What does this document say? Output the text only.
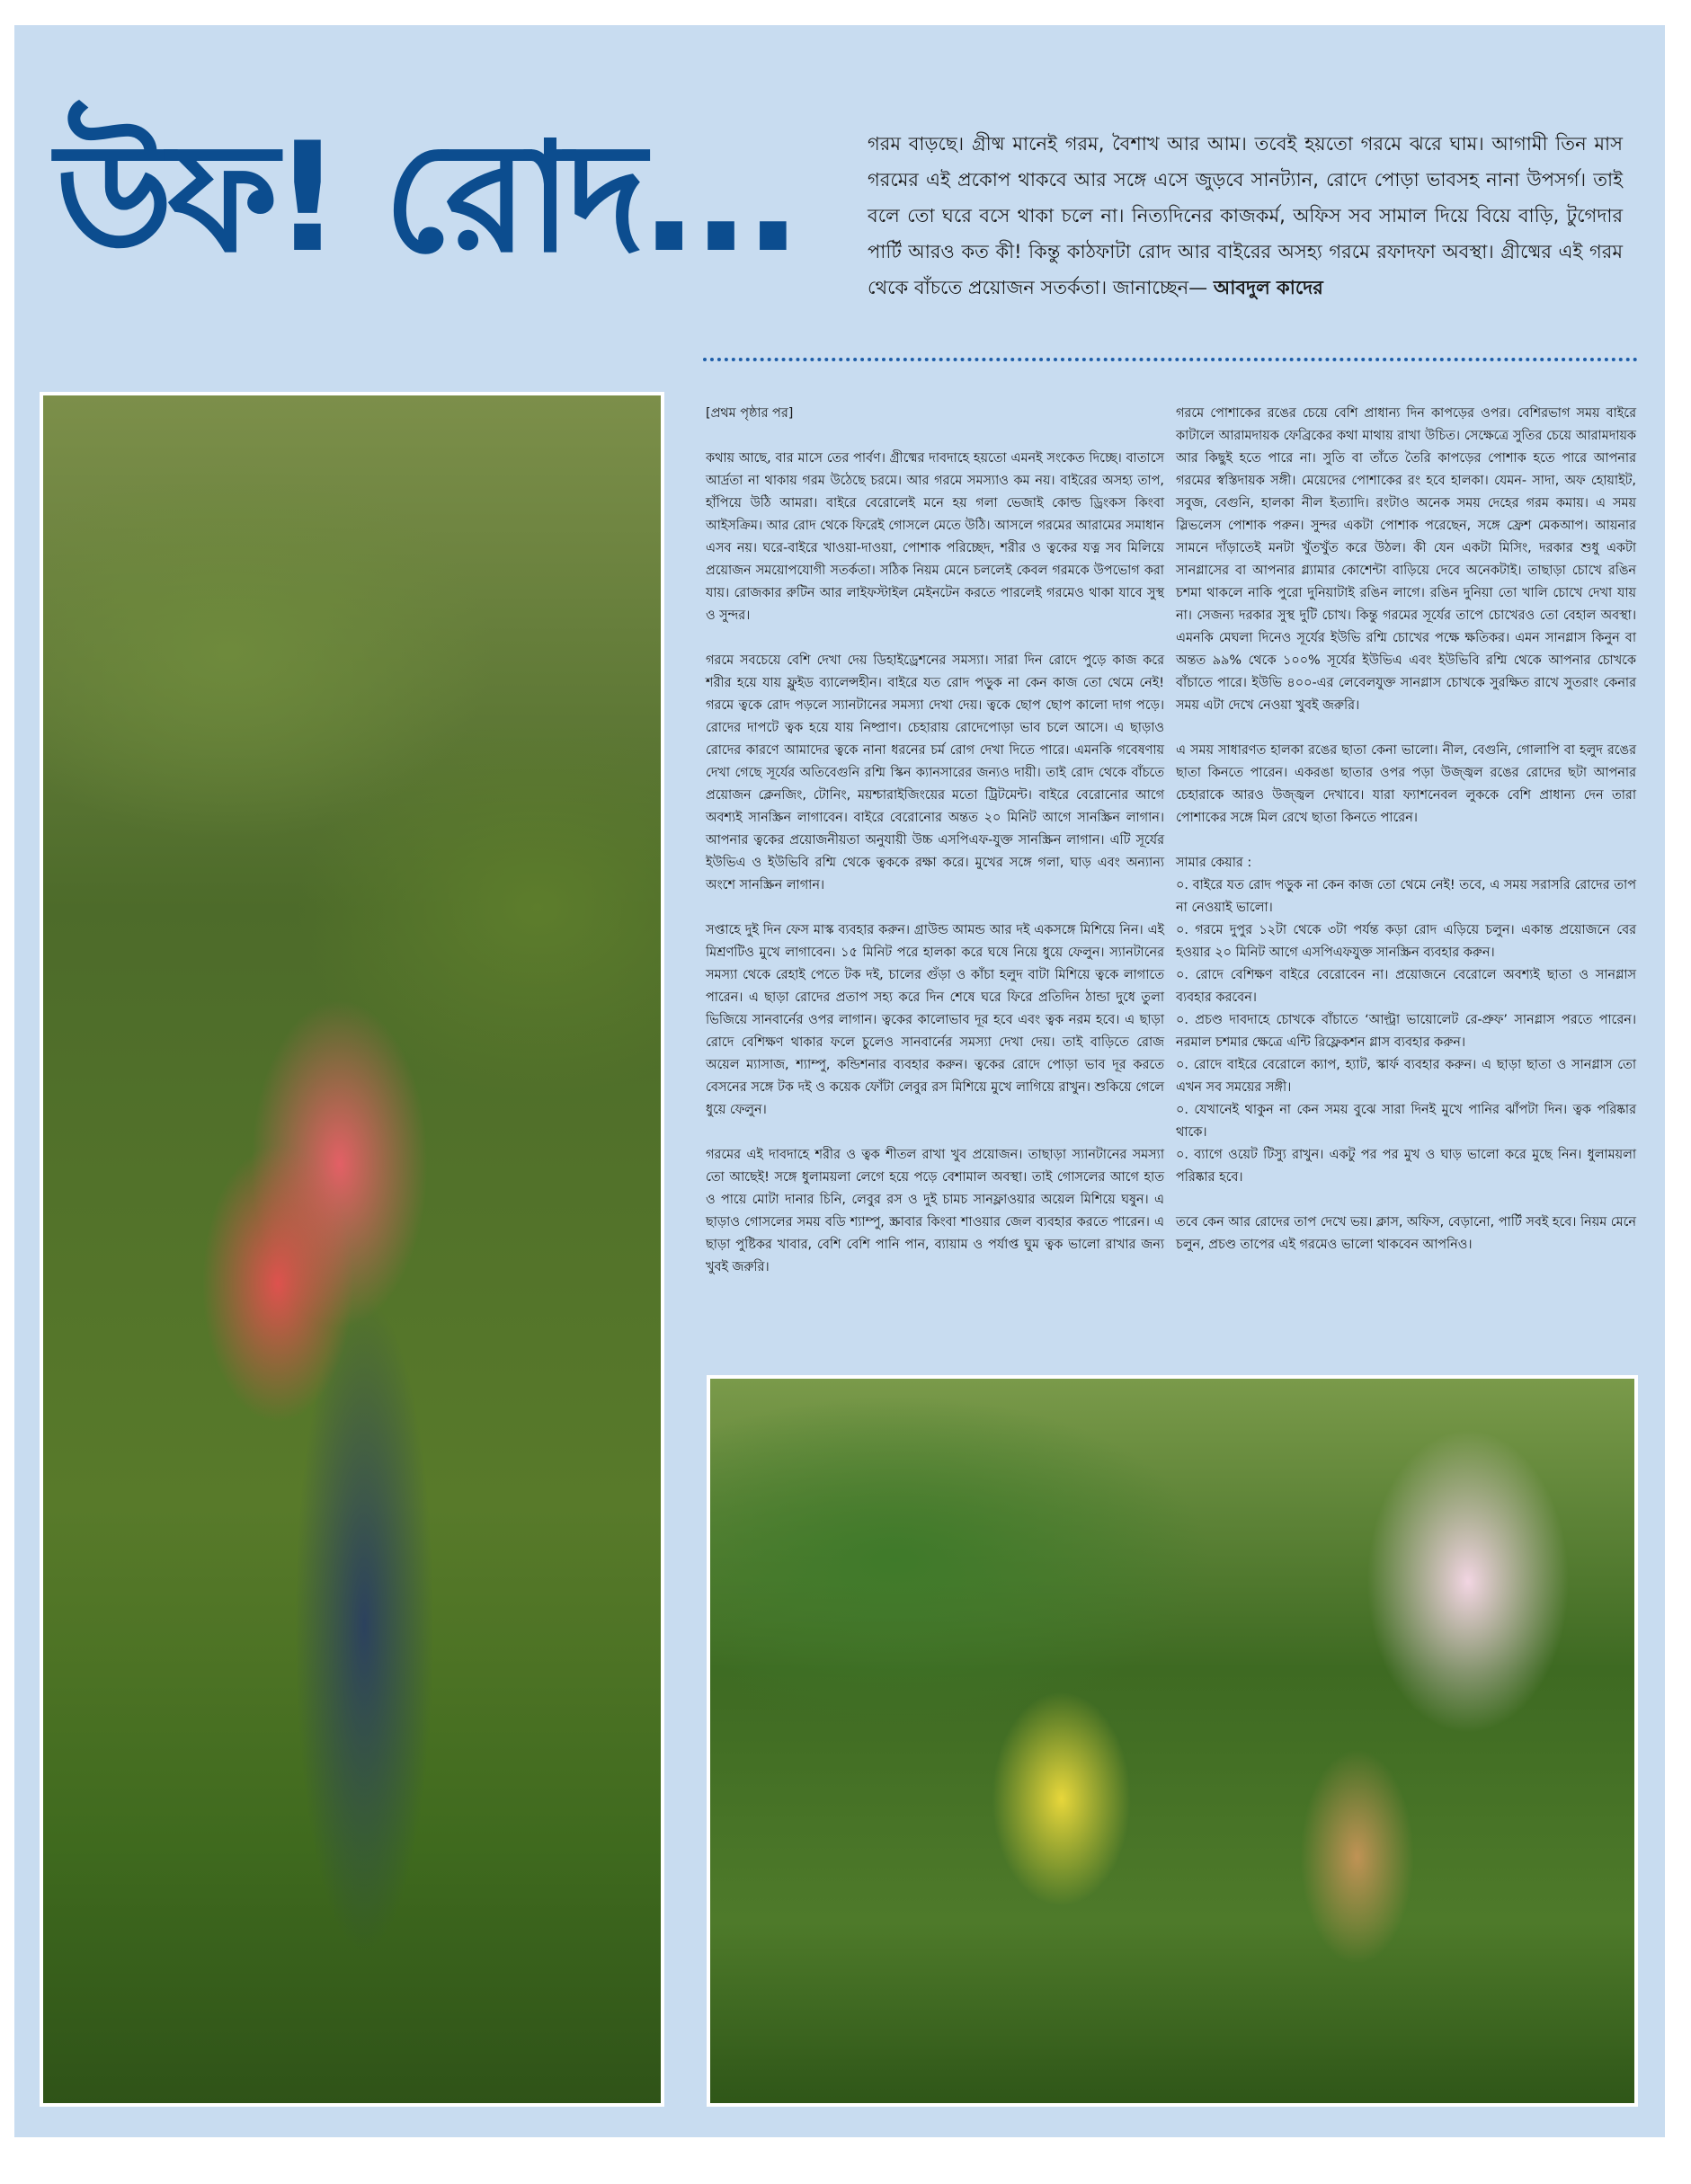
উফ! রোদ...	গরম বাড়ছে। গ্রীষ্ম মানেই গরম, বৈশাখ আর আম। তবেই হয়তো গরমে ঝরে ঘাম। আগামী তিন মাস গরমের এই প্রকোপ থাকবে আর সঙ্গে এসে জুড়বে সানট্যান, রোদে পোড়া ভাবসহ নানা উপসর্গ। তাই বলে তো ঘরে বসে থাকা চলে না। নিত্যদিনের কাজকর্ম, অফিস সব সামাল দিয়ে বিয়ে বাড়ি, টুগেদার পার্টি আরও কত কী! কিন্তু কাঠফাটা রোদ আর বাইরের অসহ্য গরমে রফাদফা অবস্থা। গ্রীষ্মের এই গরম থেকে বাঁচতে প্রয়োজন সতর্কতা। জানাচ্ছেন— আবদুল কাদের

[প্রথম পৃষ্ঠার পর]

কথায় আছে, বার মাসে তের পার্বণ। গ্রীষ্মের দাবদাহে হয়তো এমনই সংকেত দিচ্ছে। বাতাসে আর্দ্রতা না থাকায় গরম উঠেছে চরমে। আর গরমে সমস্যাও কম নয়। বাইরের অসহ্য তাপ, হাঁপিয়ে উঠি আমরা। বাইরে বেরোলেই মনে হয় গলা ভেজাই কোল্ড ড্রিংকস কিংবা আইসক্রিম। আর রোদ থেকে ফিরেই গোসলে মেতে উঠি। আসলে গরমের আরামের সমাধান এসব নয়। ঘরে-বাইরে খাওয়া-দাওয়া, পোশাক পরিচ্ছেদ, শরীর ও ত্বকের যত্ন সব মিলিয়ে প্রয়োজন সময়োপযোগী সতর্কতা। সঠিক নিয়ম মেনে চললেই কেবল গরমকে উপভোগ করা যায়। রোজকার রুটিন আর লাইফস্টাইল মেইনটেন করতে পারলেই গরমেও থাকা যাবে সুস্থ ও সুন্দর।

গরমে সবচেয়ে বেশি দেখা দেয় ডিহাইড্রেশনের সমস্যা। সারা দিন রোদে পুড়ে কাজ করে শরীর হয়ে যায় ফ্লুইড ব্যালেন্সহীন। বাইরে যত রোদ পড়ুক না কেন কাজ তো থেমে নেই! গরমে ত্বকে রোদ পড়লে স্যানটানের সমস্যা দেখা দেয়। ত্বকে ছোপ ছোপ কালো দাগ পড়ে। রোদের দাপটে ত্বক হয়ে যায় নিষ্প্রাণ। চেহারায় রোদেপোড়া ভাব চলে আসে। এ ছাড়াও রোদের কারণে আমাদের ত্বকে নানা ধরনের চর্ম রোগ দেখা দিতে পারে। এমনকি গবেষণায় দেখা গেছে সূর্যের অতিবেগুনি রশ্মি স্কিন ক্যানসারের জন্যও দায়ী। তাই রোদ থেকে বাঁচতে প্রয়োজন ক্লেনজিং, টোনিং, ময়শ্চারাইজিংয়ের মতো ট্রিটমেন্ট। বাইরে বেরোনোর আগে অবশ্যই সানস্ক্রিন লাগাবেন। বাইরে বেরোনোর অন্তত ২০ মিনিট আগে সানস্ক্রিন লাগান। আপনার ত্বকের প্রয়োজনীয়তা অনুযায়ী উচ্চ এসপিএফ-যুক্ত সানস্ক্রিন লাগান। এটি সূর্যের ইউভিএ ও ইউভিবি রশ্মি থেকে ত্বককে রক্ষা করে। মুখের সঙ্গে গলা, ঘাড় এবং অন্যান্য অংশে সানস্ক্রিন লাগান।

সপ্তাহে দুই দিন ফেস মাস্ক ব্যবহার করুন। গ্রাউন্ড আমন্ড আর দই একসঙ্গে মিশিয়ে নিন। এই মিশ্রণটিও মুখে লাগাবেন। ১৫ মিনিট পরে হালকা করে ঘষে নিয়ে ধুয়ে ফেলুন। স্যানটানের সমস্যা থেকে রেহাই পেতে টক দই, চালের গুঁড়া ও কাঁচা হলুদ বাটা মিশিয়ে ত্বকে লাগাতে পারেন। এ ছাড়া রোদের প্রতাপ সহ্য করে দিন শেষে ঘরে ফিরে প্রতিদিন ঠান্ডা দুধে তুলা ভিজিয়ে সানবার্নের ওপর লাগান। ত্বকের কালোভাব দূর হবে এবং ত্বক নরম হবে। এ ছাড়া রোদে বেশিক্ষণ থাকার ফলে চুলেও সানবার্নের সমস্যা দেখা দেয়। তাই বাড়িতে রোজ অয়েল ম্যাসাজ, শ্যাম্পু, কন্ডিশনার ব্যবহার করুন। ত্বকের রোদে পোড়া ভাব দূর করতে বেসনের সঙ্গে টক দই ও কয়েক ফোঁটা লেবুর রস মিশিয়ে মুখে লাগিয়ে রাখুন। শুকিয়ে গেলে ধুয়ে ফেলুন।

গরমের এই দাবদাহে শরীর ও ত্বক শীতল রাখা খুব প্রয়োজন। তাছাড়া স্যানটানের সমস্যা তো আছেই! সঙ্গে ধুলাময়লা লেগে হয়ে পড়ে বেশামাল অবস্থা। তাই গোসলের আগে হাত ও পায়ে মোটা দানার চিনি, লেবুর রস ও দুই চামচ সানফ্লাওয়ার অয়েল মিশিয়ে ঘষুন। এ ছাড়াও গোসলের সময় বডি শ্যাম্পু, স্ক্রাবার কিংবা শাওয়ার জেল ব্যবহার করতে পারেন। এ ছাড়া পুষ্টিকর খাবার, বেশি বেশি পানি পান, ব্যায়াম ও পর্যাপ্ত ঘুম ত্বক ভালো রাখার জন্য খুবই জরুরি।

গরমে পোশাকের রঙের চেয়ে বেশি প্রাধান্য দিন কাপড়ের ওপর। বেশিরভাগ সময় বাইরে কাটালে আরামদায়ক ফেব্রিকের কথা মাথায় রাখা উচিত। সেক্ষেত্রে সুতির চেয়ে আরামদায়ক আর কিছুই হতে পারে না। সুতি বা তাঁতে তৈরি কাপড়ের পোশাক হতে পারে আপনার গরমের স্বস্তিদায়ক সঙ্গী। মেয়েদের পোশাকের রং হবে হালকা। যেমন- সাদা, অফ হোয়াইট, সবুজ, বেগুনি, হালকা নীল ইত্যাদি। রংটাও অনেক সময় দেহের গরম কমায়। এ সময় স্লিভলেস পোশাক পরুন। সুন্দর একটা পোশাক পরেছেন, সঙ্গে ফ্রেশ মেকআপ। আয়নার সামনে দাঁড়াতেই মনটা খুঁতখুঁত করে উঠল। কী যেন একটা মিসিং, দরকার শুধু একটা সানগ্লাসের বা আপনার গ্ল্যামার কোশেন্টা বাড়িয়ে দেবে অনেকটাই। তাছাড়া চোখে রঙিন চশমা থাকলে নাকি পুরো দুনিয়াটাই রঙিন লাগে। রঙিন দুনিয়া তো খালি চোখে দেখা যায় না। সেজন্য দরকার সুস্থ দুটি চোখ। কিন্তু গরমের সূর্যের তাপে চোখেরও তো বেহাল অবস্থা। এমনকি মেঘলা দিনেও সূর্যের ইউভি রশ্মি চোখের পক্ষে ক্ষতিকর। এমন সানগ্লাস কিনুন বা অন্তত ৯৯% থেকে ১০০% সূর্যের ইউভিএ এবং ইউভিবি রশ্মি থেকে আপনার চোখকে বাঁচাতে পারে। ইউভি ৪০০-এর লেবেলযুক্ত সানগ্লাস চোখকে সুরক্ষিত রাখে সুতরাং কেনার সময় এটা দেখে নেওয়া খুবই জরুরি।

এ সময় সাধারণত হালকা রঙের ছাতা কেনা ভালো। নীল, বেগুনি, গোলাপি বা হলুদ রঙের ছাতা কিনতে পারেন। একরঙা ছাতার ওপর পড়া উজ্জ্বল রঙের রোদের ছটা আপনার চেহারাকে আরও উজ্জ্বল দেখাবে। যারা ফ্যাশনেবল লুককে বেশি প্রাধান্য দেন তারা পোশাকের সঙ্গে মিল রেখে ছাতা কিনতে পারেন।

সামার কেয়ার :

০. বাইরে যত রোদ পড়ুক না কেন কাজ তো থেমে নেই! তবে, এ সময় সরাসরি রোদের তাপ না নেওয়াই ভালো।

০. গরমে দুপুর ১২টা থেকে ৩টা পর্যন্ত কড়া রোদ এড়িয়ে চলুন। একান্ত প্রয়োজনে বের হওয়ার ২০ মিনিট আগে এসপিএফযুক্ত সানস্ক্রিন ব্যবহার করুন।

০. রোদে বেশিক্ষণ বাইরে বেরোবেন না। প্রয়োজনে বেরোলে অবশ্যই ছাতা ও সানগ্লাস ব্যবহার করবেন।

০. প্রচণ্ড দাবদাহে চোখকে বাঁচাতে ‘আল্ট্রা ভায়োলেট রে-প্রুফ’ সানগ্লাস পরতে পারেন। নরমাল চশমার ক্ষেত্রে এন্টি রিফ্লেকশন গ্লাস ব্যবহার করুন।

০. রোদে বাইরে বেরোলে ক্যাপ, হ্যাট, স্কার্ফ ব্যবহার করুন। এ ছাড়া ছাতা ও সানগ্লাস তো এখন সব সময়ের সঙ্গী।

০. যেখানেই থাকুন না কেন সময় বুঝে সারা দিনই মুখে পানির ঝাঁপটা দিন। ত্বক পরিষ্কার থাকে।

০. ব্যাগে ওয়েট টিস্যু রাখুন। একটু পর পর মুখ ও ঘাড় ভালো করে মুছে নিন। ধুলাময়লা পরিষ্কার হবে।

তবে কেন আর রোদের তাপ দেখে ভয়। ক্লাস, অফিস, বেড়ানো, পার্টি সবই হবে। নিয়ম মেনে চলুন, প্রচণ্ড তাপের এই গরমেও ভালো থাকবেন আপনিও।
